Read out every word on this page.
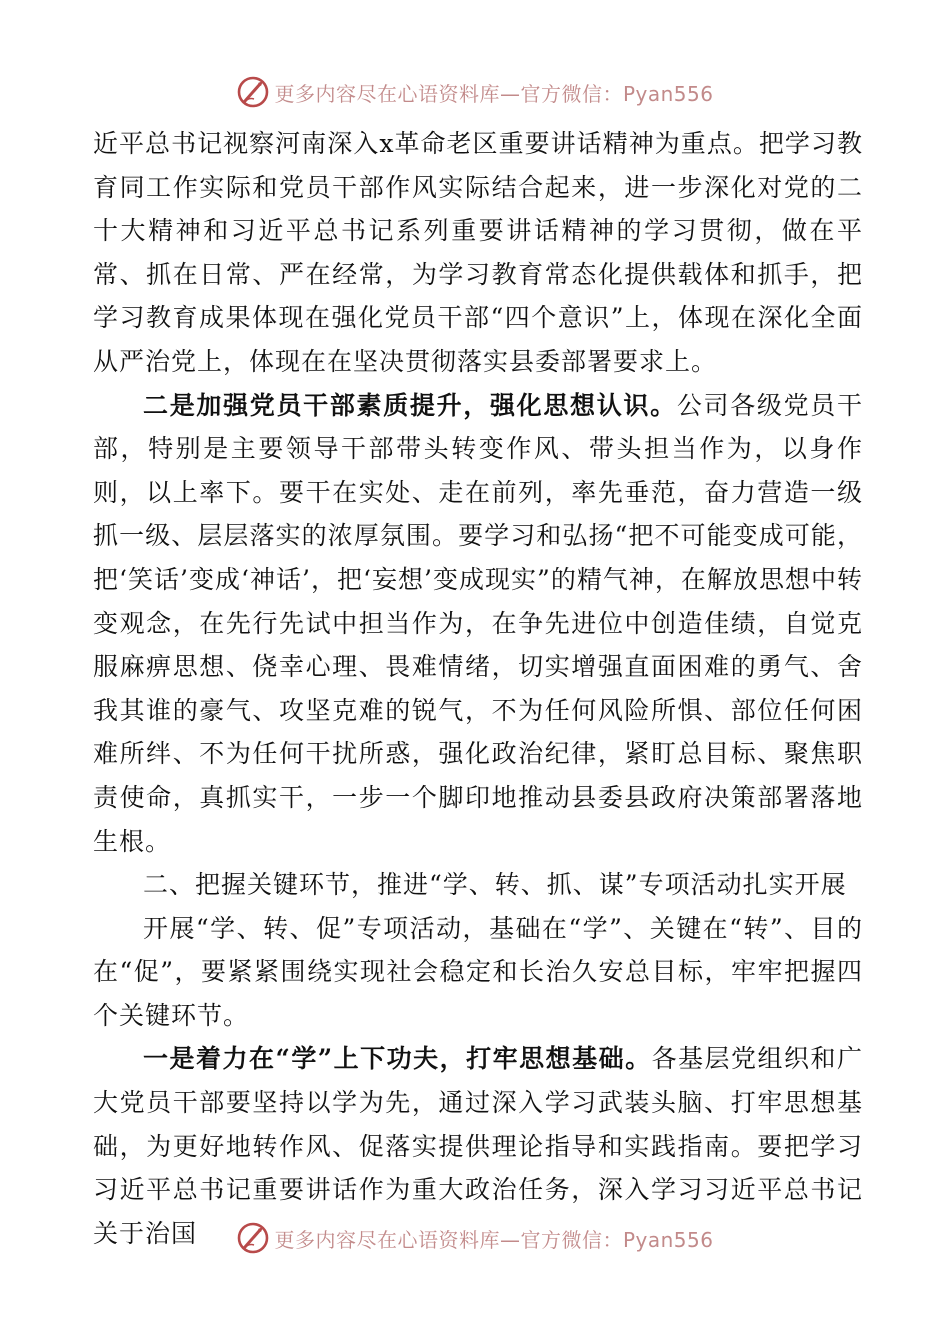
更多内容尽在心语资料库—官方微信：Pyan556

近平总书记视察河南深入x革命老区重要讲话精神为重点。把学习教育同工作实际和党员干部作风实际结合起来，进一步深化对党的二十大精神和习近平总书记系列重要讲话精神的学习贯彻，做在平常、抓在日常、严在经常，为学习教育常态化提供载体和抓手，把学习教育成果体现在强化党员干部“四个意识”上，体现在深化全面从严治党上，体现在在坚决贯彻落实县委部署要求上。

二是加强党员干部素质提升，强化思想认识。公司各级党员干部，特别是主要领导干部带头转变作风、带头担当作为，以身作则，以上率下。要干在实处、走在前列，率先垂范，奋力营造一级抓一级、层层落实的浓厚氛围。要学习和弘扬“把不可能变成可能，把‘笑话’变成‘神话’，把‘妄想’变成现实”的精气神，在解放思想中转变观念，在先行先试中担当作为，在争先进位中创造佳绩，自觉克服麻痹思想、侥幸心理、畏难情绪，切实增强直面困难的勇气、舍我其谁的豪气、攻坚克难的锐气，不为任何风险所惧、部位任何困难所绊、不为任何干扰所惑，强化政治纪律，紧盯总目标、聚焦职责使命，真抓实干，一步一个脚印地推动县委县政府决策部署落地生根。

二、把握关键环节，推进“学、转、抓、谋”专项活动扎实开展

开展“学、转、促”专项活动，基础在“学”、关键在“转”、目的在“促”，要紧紧围绕实现社会稳定和长治久安总目标，牢牢把握四个关键环节。

一是着力在“学”上下功夫，打牢思想基础。各基层党组织和广大党员干部要坚持以学为先，通过深入学习武装头脑、打牢思想基础，为更好地转作风、促落实提供理论指导和实践指南。要把学习习近平总书记重要讲话作为重大政治任务，深入学习习近平总书记关于治国	更多内容尽在心语资料库—官方微信：Pyan556
